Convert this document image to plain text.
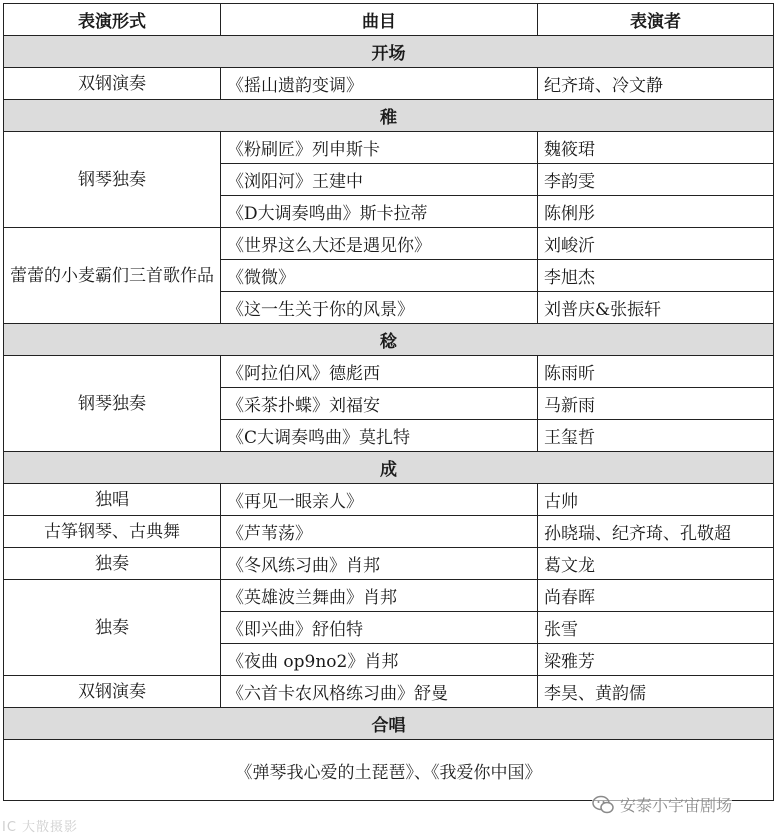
表演形式	曲目	表演者
开场		
双钢演奏	《摇山遗韵变调》	纪齐琦、冷文静
稚		
钢琴独奏	《粉刷匠》列申斯卡	魏筱珺
	《浏阳河》王建中	李韵雯
	《D大调奏鸣曲》斯卡拉蒂	陈俐彤
蕾蕾的小麦霸们三首歌作品	《世界这么大还是遇见你》	刘峻沂
	《微微》	李旭杰
	《这一生关于你的风景》	刘普庆&张振轩
稔		
钢琴独奏	《阿拉伯风》德彪西	陈雨昕
	《采茶扑蝶》刘福安	马新雨
	《C大调奏鸣曲》莫扎特	王玺哲
成		
独唱	《再见一眼亲人》	古帅
古筝钢琴、古典舞	《芦苇荡》	孙晓瑞、纪齐琦、孔敬超
独奏	《冬风练习曲》肖邦	葛文龙
独奏	《英雄波兰舞曲》肖邦	尚春晖
	《即兴曲》舒伯特	张雪
	《夜曲 op9no2》肖邦	梁雅芳
双钢演奏	《六首卡农风格练习曲》舒曼	李昊、黄韵儒
合唱		
《弹琴我心爱的土琵琶》、《我爱你中国》		
IC 大散摄影
安泰小宇宙剧场
